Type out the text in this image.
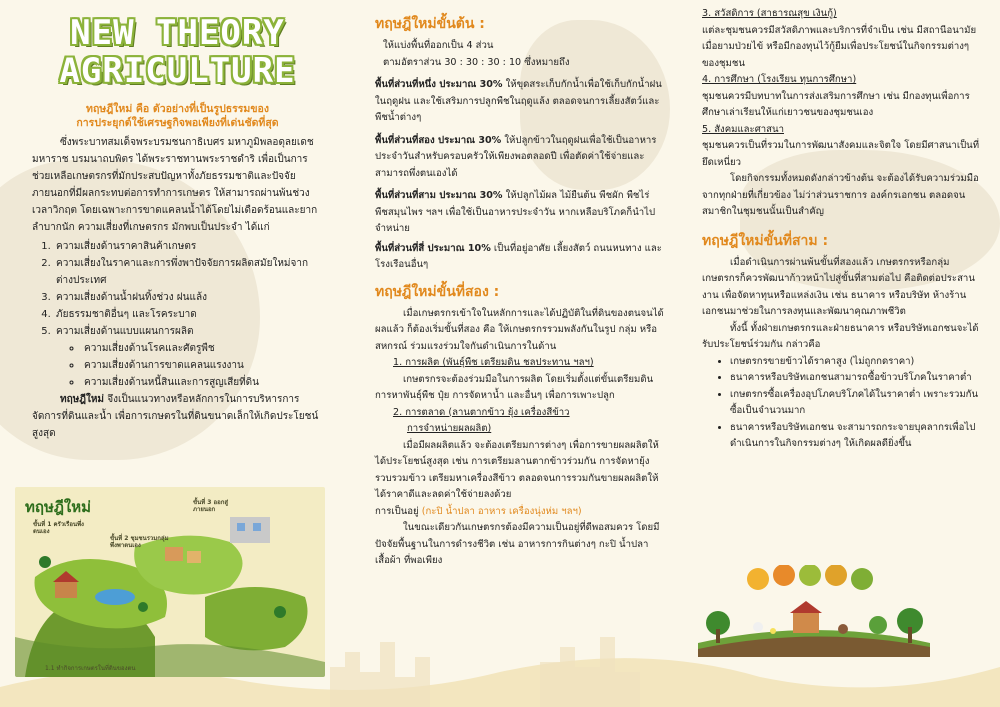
NEW THEORY
AGRICULTURE
ทฤษฎีใหม่ คือ ตัวอย่างที่เป็นรูปธรรมของ
การประยุกต์ใช้เศรษฐกิจพอเพียงที่เด่นชัดที่สุด

ซึ่งพระบาทสมเด็จพระบรมชนกาธิเบศร มหาภูมิพลอดุลยเดชมหาราช บรมนาถบพิตร ได้พระราชทานพระราชดำริ เพื่อเป็นการช่วยเหลือเกษตรกรที่มักประสบปัญหาทั้งภัยธรรมชาติและปัจจัยภายนอกที่มีผลกระทบต่อการทำการเกษตร ให้สามารถผ่านพ้นช่วงเวลาวิกฤต โดยเฉพาะการขาดแคลนน้ำได้โดยไม่เดือดร้อนและยากลำบากนัก ความเสี่ยงที่เกษตรกร มักพบเป็นประจำ ได้แก่

1. ความเสี่ยงด้านราคาสินค้าเกษตร
2. ความเสี่ยงในราคาและการพึ่งพาปัจจัยการผลิตสมัยใหม่จากต่างประเทศ
3. ความเสี่ยงด้านน้ำฝนทิ้งช่วง ฝนแล้ง
4. ภัยธรรมชาติอื่นๆ และโรคระบาด
5. ความเสี่ยงด้านแบบแผนการผลิต
◦ ความเสี่ยงด้านโรคและศัตรูพืช
◦ ความเสี่ยงด้านการขาดแคลนแรงงาน
◦ ความเสี่ยงด้านหนี้สินและการสูญเสียที่ดิน

ทฤษฎีใหม่ จึงเป็นแนวทางหรือหลักการในการบริหารการจัดการที่ดินและน้ำ เพื่อการเกษตรในที่ดินขนาดเล็กให้เกิดประโยชน์สูงสุด

ทฤษฎีใหม่
ขั้นที่ 1 ครัวเรือนพึ่งตนเอง
ขั้นที่ 2 ชุมชนรวมกลุ่มพึ่งพาตนเอง
ขั้นที่ 3 ออกสู่ภายนอก
1.1 ทำกิจการเกษตรในที่ดินของตน
ทฤษฎีใหม่ขั้นต้น :

ให้แบ่งพื้นที่ออกเป็น 4 ส่วน

ตามอัตราส่วน 30 : 30 : 30 : 10 ซึ่งหมายถึง

พื้นที่ส่วนที่หนึ่ง ประมาณ 30% ให้ขุดสระเก็บกักน้ำเพื่อใช้เก็บกักน้ำฝนในฤดูฝน และใช้เสริมการปลูกพืชในฤดูแล้ง ตลอดจนการเลี้ยงสัตว์และพืชน้ำต่างๆ

พื้นที่ส่วนที่สอง ประมาณ 30% ให้ปลูกข้าวในฤดูฝนเพื่อใช้เป็นอาหารประจำวันสำหรับครอบครัวให้เพียงพอตลอดปี เพื่อตัดค่าใช้จ่ายและสามารถพึ่งตนเองได้

พื้นที่ส่วนที่สาม ประมาณ 30% ให้ปลูกไม้ผล ไม้ยืนต้น พืชผัก พืชไร่ พืชสมุนไพร ฯลฯ เพื่อใช้เป็นอาหารประจำวัน หากเหลือบริโภคก็นำไปจำหน่าย

พื้นที่ส่วนที่สี่ ประมาณ 10% เป็นที่อยู่อาศัย เลี้ยงสัตว์ ถนนหนทาง และโรงเรือนอื่นๆ

ทฤษฎีใหม่ขั้นที่สอง :

เมื่อเกษตรกรเข้าใจในหลักการและได้ปฏิบัติในที่ดินของตนจนได้ผลแล้ว ก็ต้องเริ่มขั้นที่สอง คือ ให้เกษตรกรรวมพลังกันในรูป กลุ่ม หรือ สหกรณ์ ร่วมแรงร่วมใจกันดำเนินการในด้าน

1. การผลิต (พันธุ์พืช เตรียมดิน ชลประทาน ฯลฯ)

เกษตรกรจะต้องร่วมมือในการผลิต โดยเริ่มตั้งแต่ขั้นเตรียมดิน การหาพันธุ์พืช ปุ๋ย การจัดหาน้ำ และอื่นๆ เพื่อการเพาะปลูก

2. การตลาด (ลานตากข้าว ยุ้ง เครื่องสีข้าว

การจำหน่ายผลผลิต)

เมื่อมีผลผลิตแล้ว จะต้องเตรียมการต่างๆ เพื่อการขายผลผลิตให้ได้ประโยชน์สูงสุด เช่น การเตรียมลานตากข้าวร่วมกัน การจัดหายุ้งรวบรวมข้าว เตรียมหาเครื่องสีข้าว ตลอดจนการรวมกันขายผลผลิตให้ได้ราคาดีและลดค่าใช้จ่ายลงด้วย

การเป็นอยู่ (กะปิ น้ำปลา อาหาร เครื่องนุ่งห่ม ฯลฯ)

ในขณะเดียวกันเกษตรกรต้องมีความเป็นอยู่ที่ดีพอสมควร โดยมีปัจจัยพื้นฐานในการดำรงชีวิต เช่น อาหารการกินต่างๆ กะปิ น้ำปลา เสื้อผ้า ที่พอเพียง

3. สวัสดิการ (สาธารณสุข เงินกู้)

แต่ละชุมชนควรมีสวัสดิภาพและบริการที่จำเป็น เช่น มีสถานีอนามัยเมื่อยามป่วยไข้ หรือมีกองทุนไว้กู้ยืมเพื่อประโยชน์ในกิจกรรมต่างๆ ของชุมชน

4. การศึกษา (โรงเรียน ทุนการศึกษา)

ชุมชนควรมีบทบาทในการส่งเสริมการศึกษา เช่น มีกองทุนเพื่อการศึกษาเล่าเรียนให้แก่เยาวชนของชุมชนเอง

5. สังคมและศาสนา

ชุมชนควรเป็นที่รวมในการพัฒนาสังคมและจิตใจ โดยมีศาสนาเป็นที่ยึดเหนี่ยว

โดยกิจกรรมทั้งหมดดังกล่าวข้างต้น จะต้องได้รับความร่วมมือจากทุกฝ่ายที่เกี่ยวข้อง ไม่ว่าส่วนราชการ องค์กรเอกชน ตลอดจนสมาชิกในชุมชนนั้นเป็นสำคัญ

ทฤษฎีใหม่ขั้นที่สาม :

เมื่อดำเนินการผ่านพ้นขั้นที่สองแล้ว เกษตรกรหรือกลุ่มเกษตรกรก็ควรพัฒนาก้าวหน้าไปสู่ขั้นที่สามต่อไป คือติดต่อประสานงาน เพื่อจัดหาทุนหรือแหล่งเงิน เช่น ธนาคาร หรือบริษัท ห้างร้านเอกชนมาช่วยในการลงทุนและพัฒนาคุณภาพชีวิต

ทั้งนี้ ทั้งฝ่ายเกษตรกรและฝ่ายธนาคาร หรือบริษัทเอกชนจะได้รับประโยชน์ร่วมกัน กล่าวคือ

• เกษตรกรขายข้าวได้ราคาสูง (ไม่ถูกกดราคา)
• ธนาคารหรือบริษัทเอกชนสามารถซื้อข้าวบริโภคในราคาต่ำ
• เกษตรกรซื้อเครื่องอุปโภคบริโภคได้ในราคาต่ำ เพราะรวมกันซื้อเป็นจำนวนมาก
• ธนาคารหรือบริษัทเอกชน จะสามารถกระจายบุคลากรเพื่อไปดำเนินการในกิจกรรมต่างๆ ให้เกิดผลดียิ่งขึ้น
